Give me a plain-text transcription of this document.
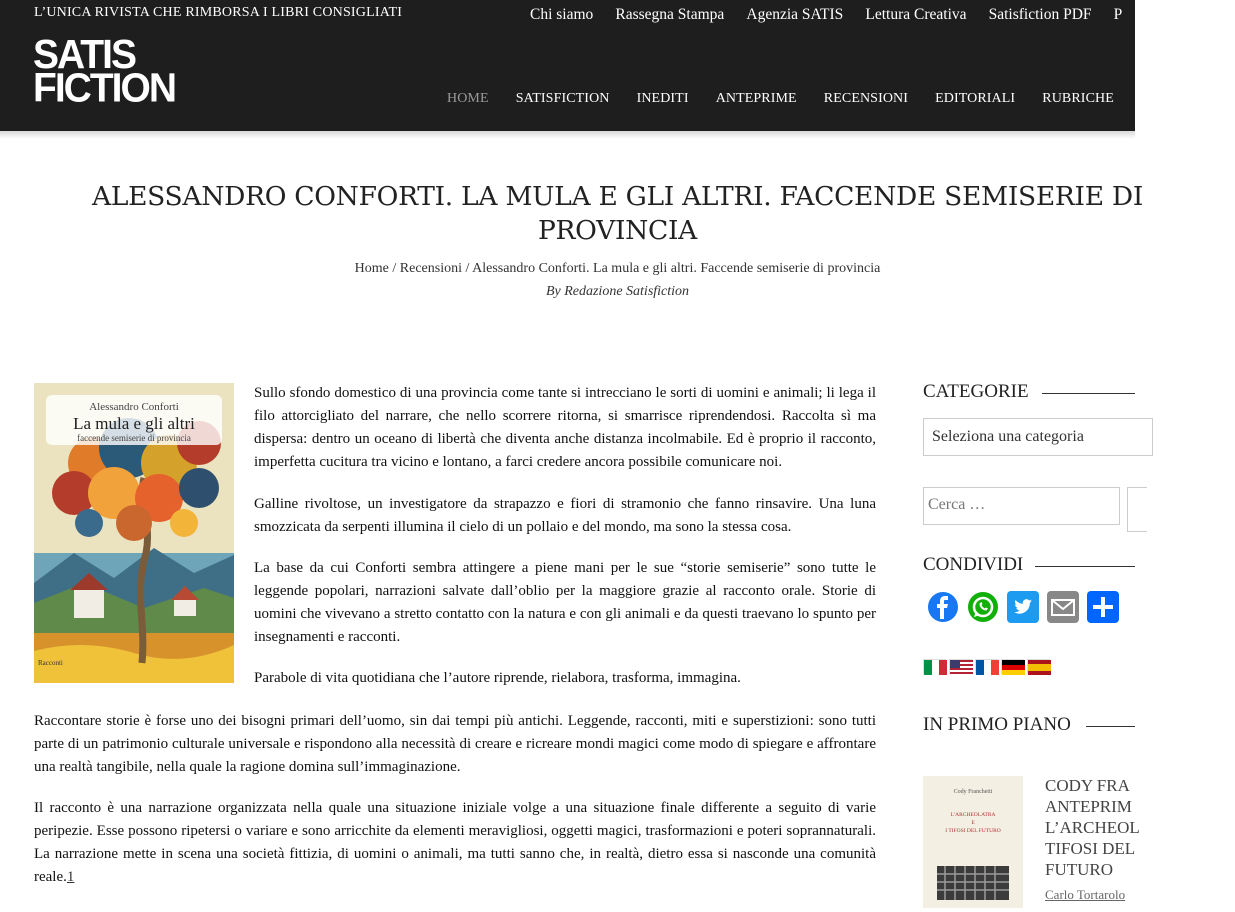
L’UNICA RIVISTA CHE RIMBORSA I LIBRI CONSIGLIATI	Chi siamo Rassegna Stampa Agenzia SATIS Lettura Creativa Satisfiction PDF P
SATIS
FICTION	HOME SATISFICTION INEDITI ANTEPRIME RECENSIONI EDITORIALI RUBRICHE CONN
ALESSANDRO CONFORTI. LA MULA E GLI ALTRI. FACCENDE SEMISERIE DI
PROVINCIA
Home / Recensioni / Alessandro Conforti. La mula e gli altri. Faccende semiserie di provincia
By Redazione Satisfiction
Alessandro Conforti
La mula e gli altri
faccende semiserie di provincia
Racconti

Sullo sfondo domestico di una provincia come tante si intrecciano le sorti di uomini e animali; li lega il filo attorcigliato del narrare, che nello scorrere ritorna, si smarrisce riprendendosi. Raccolta sì ma dispersa: dentro un oceano di libertà che diventa anche distanza incolmabile. Ed è proprio il racconto, imperfetta cucitura tra vicino e lontano, a farci credere ancora possibile comunicare noi.

Galline rivoltose, un investigatore da strapazzo e fiori di stramonio che fanno rinsavire. Una luna smozzicata da serpenti illumina il cielo di un pollaio e del mondo, ma sono la stessa cosa.

La base da cui Conforti sembra attingere a piene mani per le sue “storie semiserie” sono tutte le leggende popolari, narrazioni salvate dall’oblio per la maggiore grazie al racconto orale. Storie di uomini che vivevano a stretto contatto con la natura e con gli animali e da questi traevano lo spunto per insegnamenti e racconti.

Parabole di vita quotidiana che l’autore riprende, rielabora, trasforma, immagina.

Raccontare storie è forse uno dei bisogni primari dell’uomo, sin dai tempi più antichi. Leggende, racconti, miti e superstizioni: sono tutti parte di un patrimonio culturale universale e rispondono alla necessità di creare e ricreare mondi magici come modo di spiegare e affrontare una realtà tangibile, nella quale la ragione domina sull’immaginazione.

Il racconto è una narrazione organizzata nella quale una situazione iniziale volge a una situazione finale differente a seguito di varie peripezie. Esse possono ripetersi o variare e sono arricchite da elementi meravigliosi, oggetti magici, trasformazioni e poteri soprannaturali. La narrazione mette in scena una società fittizia, di uomini o animali, ma tutti sanno che, in realtà, dietro essa si nasconde una comunità reale.1

CATEGORIE
Seleziona una categoria
Cerca …
CONDIVIDI
IN PRIMO PIANO
Cody Franchetti
L’ARCHEOLATRA
E
I TIFOSI DEL FUTURO
CODY FRA
ANTEPRIM
L’ARCHEOL
TIFOSI DEL
FUTURO
Carlo Tortarolo
